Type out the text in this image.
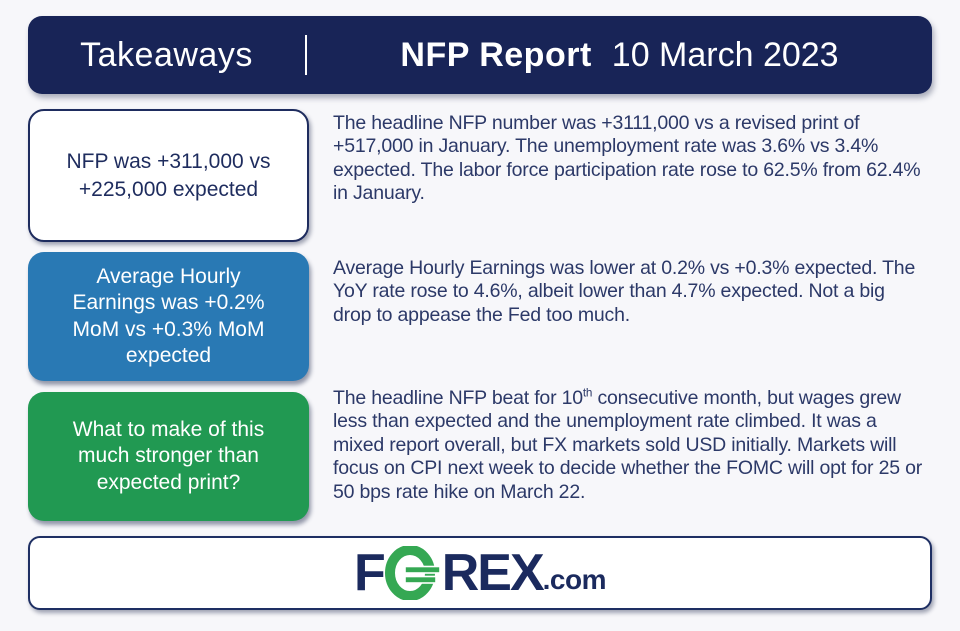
Takeaways	NFP Report 10 March 2023
NFP was +311,000 vs +225,000 expected
Average Hourly Earnings was +0.2% MoM vs +0.3% MoM expected
What to make of this much stronger than expected print?

The headline NFP number was +3111,000 vs a revised print of +517,000 in January. The unemployment rate was 3.6% vs 3.4% expected. The labor force participation rate rose to 62.5% from 62.4% in January.

Average Hourly Earnings was lower at 0.2% vs +0.3% expected. The YoY rate rose to 4.6%, albeit lower than 4.7% expected. Not a big drop to appease the Fed too much.

The headline NFP beat for 10th consecutive month, but wages grew less than expected and the unemployment rate climbed. It was a mixed report overall, but FX markets sold USD initially. Markets will focus on CPI next week to decide whether the FOMC will opt for 25 or 50 bps rate hike on March 22.

F REX .com
